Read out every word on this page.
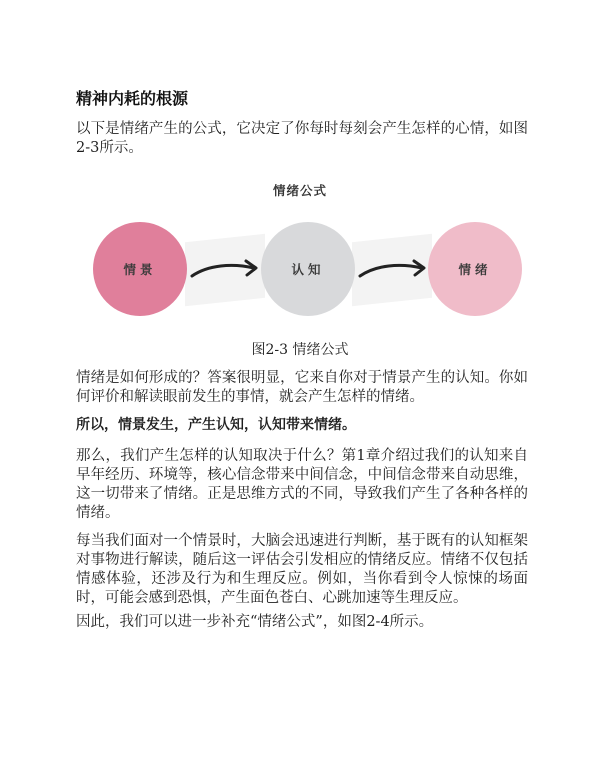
精神内耗的根源
以下是情绪产生的公式，它决定了你每时每刻会产生怎样的心情，如图2-3所示。
情绪是如何形成的？答案很明显，它来自你对于情景产生的认知。你如何评价和解读眼前发生的事情，就会产生怎样的情绪。
所以，情景发生，产生认知，认知带来情绪。
那么，我们产生怎样的认知取决于什么？第1章介绍过我们的认知来自早年经历、环境等，核心信念带来中间信念，中间信念带来自动思维，这一切带来了情绪。正是思维方式的不同，导致我们产生了各种各样的情绪。
每当我们面对一个情景时，大脑会迅速进行判断，基于既有的认知框架对事物进行解读，随后这一评估会引发相应的情绪反应。情绪不仅包括情感体验，还涉及行为和生理反应。例如，当你看到令人惊悚的场面时，可能会感到恐惧，产生面色苍白、心跳加速等生理反应。
因此，我们可以进一步补充“情绪公式”，如图2-4所示。
情绪公式
情景	认知	情绪
图2-3 情绪公式
